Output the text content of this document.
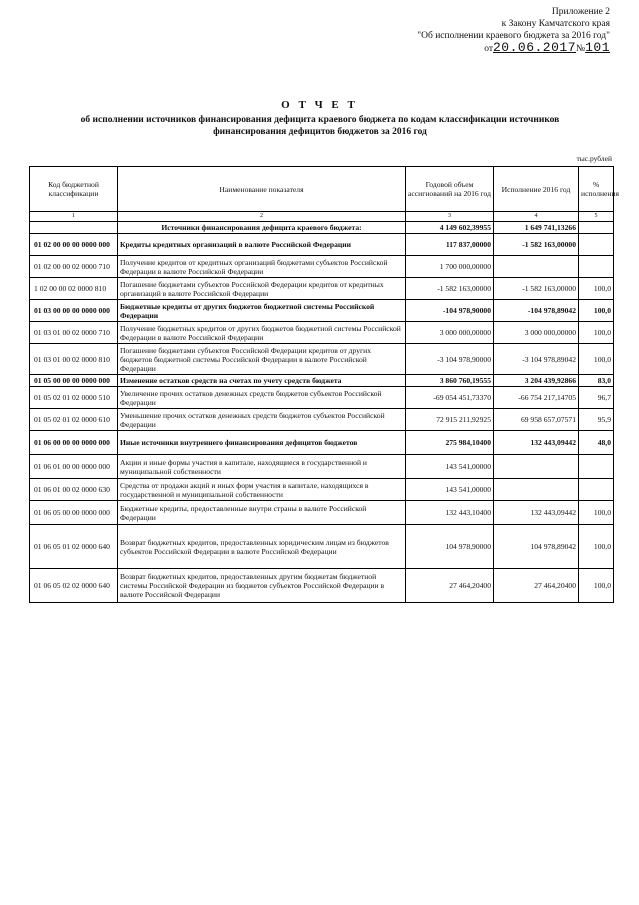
Приложение 2
к Закону Камчатского края
"Об исполнении краевого бюджета за 2016 год"
от20.06.2017№101
О Т Ч Е Т
об исполнении источников финансирования дефицита краевого бюджета по кодам классификации источников финансирования дефицитов бюджетов за 2016 год
тыс.рублей
Код бюджетной классификации	Наименование показателя	Годовой объем ассигнований на 2016 год	Исполнение 2016 год	% исполнения
1	2	3	4	5
	Источники финансирования дефицита краевого бюджета:	4 149 602,39955	1 649 741,13266	
01 02 00 00 00 0000 000	Кредиты кредитных организаций в валюте Российской Федерации	117 837,00000	-1 582 163,00000	
01 02 00 00 02 0000 710	Получение кредитов от кредитных организаций бюджетами субъектов Российской Федерации в валюте Российской Федерации	1 700 000,00000		
1 02 00 00 02 0000 810	Погашение бюджетами субъектов Российской Федерации кредитов от кредитных организаций в валюте Российской Федерации	-1 582 163,00000	-1 582 163,00000	100,0
01 03 00 00 00 0000 000	Бюджетные кредиты от других бюджетов бюджетной системы Российской Федерации	-104 978,90000	-104 978,89042	100,0
01 03 01 00 02 0000 710	Получение бюджетных кредитов от других бюджетов бюджетной системы Российской Федерации в валюте Российской Федерации	3 000 000,00000	3 000 000,00000	100,0
01 03 01 00 02 0000 810	Погашение бюджетами субъектов Российской Федерации кредитов от других бюджетов бюджетной системы Российской Федерации в валюте Российской Федерации	-3 104 978,90000	-3 104 978,89042	100,0
01 05 00 00 00 0000 000	Изменение остатков средств на счетах по учету средств бюджета	3 860 760,19555	3 204 439,92866	83,0
01 05 02 01 02 0000 510	Увеличение прочих остатков денежных средств бюджетов субъектов Российской Федерации	-69 054 451,73370	-66 754 217,14705	96,7
01 05 02 01 02 0000 610	Уменьшение прочих остатков денежных средств бюджетов субъектов Российской Федерации	72 915 211,92925	69 958 657,07571	95,9
01 06 00 00 00 0000 000	Иные источники внутреннего финансирования дефицитов бюджетов	275 984,10400	132 443,09442	48,0
01 06 01 00 00 0000 000	Акции и иные формы участия в капитале, находящиеся в государственной и муниципальной собственности	143 541,00000		
01 06 01 00 02 0000 630	Средства от продажи акций и иных форм участия в капитале, находящихся в государственной и муниципальной собственности	143 541,00000		
01 06 05 00 00 0000 000	Бюджетные кредиты, предоставленные внутри страны в валюте Российской Федерации	132 443,10400	132 443,09442	100,0
01 06 05 01 02 0000 640	Возврат бюджетных кредитов, предоставленных юридическим лицам из бюджетов субъектов Российской Федерации в валюте Российской Федерации	104 978,90000	104 978,89042	100,0
01 06 05 02 02 0000 640	Возврат бюджетных кредитов, предоставленных другим бюджетам бюджетной системы Российской Федерации из бюджетов субъектов Российской Федерации в валюте Российской Федерации	27 464,20400	27 464,20400	100,0
